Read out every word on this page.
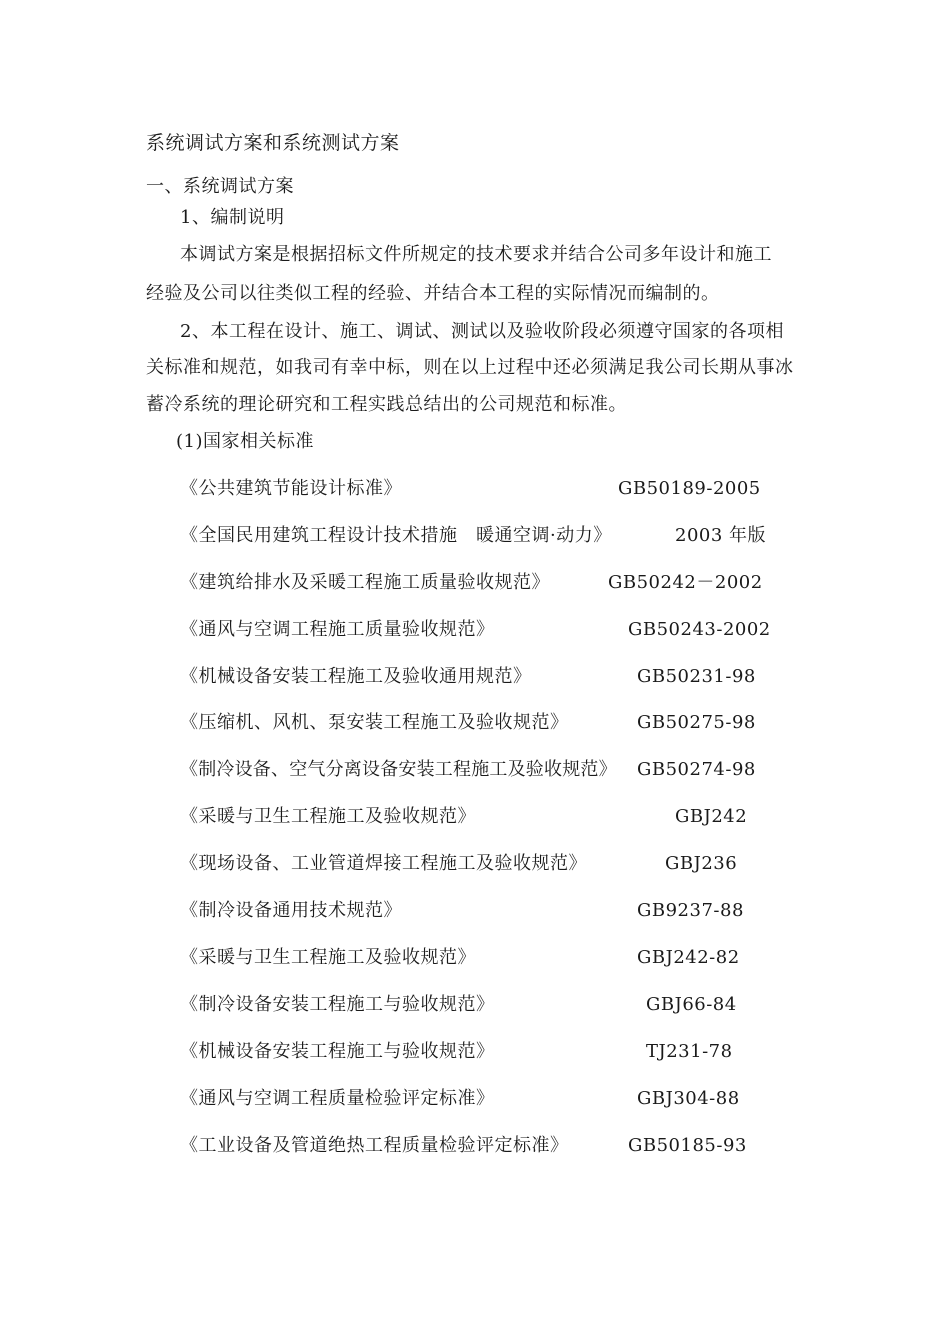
系统调试方案和系统测试方案
一、系统调试方案
1、编制说明
本调试方案是根据招标文件所规定的技术要求并结合公司多年设计和施工
经验及公司以往类似工程的经验、并结合本工程的实际情况而编制的。
2、本工程在设计、施工、调试、测试以及验收阶段必须遵守国家的各项相
关标准和规范，如我司有幸中标，则在以上过程中还必须满足我公司长期从事冰
蓄冷系统的理论研究和工程实践总结出的公司规范和标准。
(1)国家相关标准
《公共建筑节能设计标准》	GB50189-2005
《全国民用建筑工程设计技术措施　暖通空调·动力》	2003 年版
《建筑给排水及采暖工程施工质量验收规范》	GB50242－2002
《通风与空调工程施工质量验收规范》	GB50243-2002
《机械设备安装工程施工及验收通用规范》	GB50231-98
《压缩机、风机、泵安装工程施工及验收规范》	GB50275-98
《制冷设备、空气分离设备安装工程施工及验收规范》 GB50274-98
《采暖与卫生工程施工及验收规范》	GBJ242
《现场设备、工业管道焊接工程施工及验收规范》	GBJ236
《制冷设备通用技术规范》	GB9237-88
《采暖与卫生工程施工及验收规范》	GBJ242-82
《制冷设备安装工程施工与验收规范》	GBJ66-84
《机械设备安装工程施工与验收规范》	TJ231-78
《通风与空调工程质量检验评定标准》	GBJ304-88
《工业设备及管道绝热工程质量检验评定标准》	GB50185-93
